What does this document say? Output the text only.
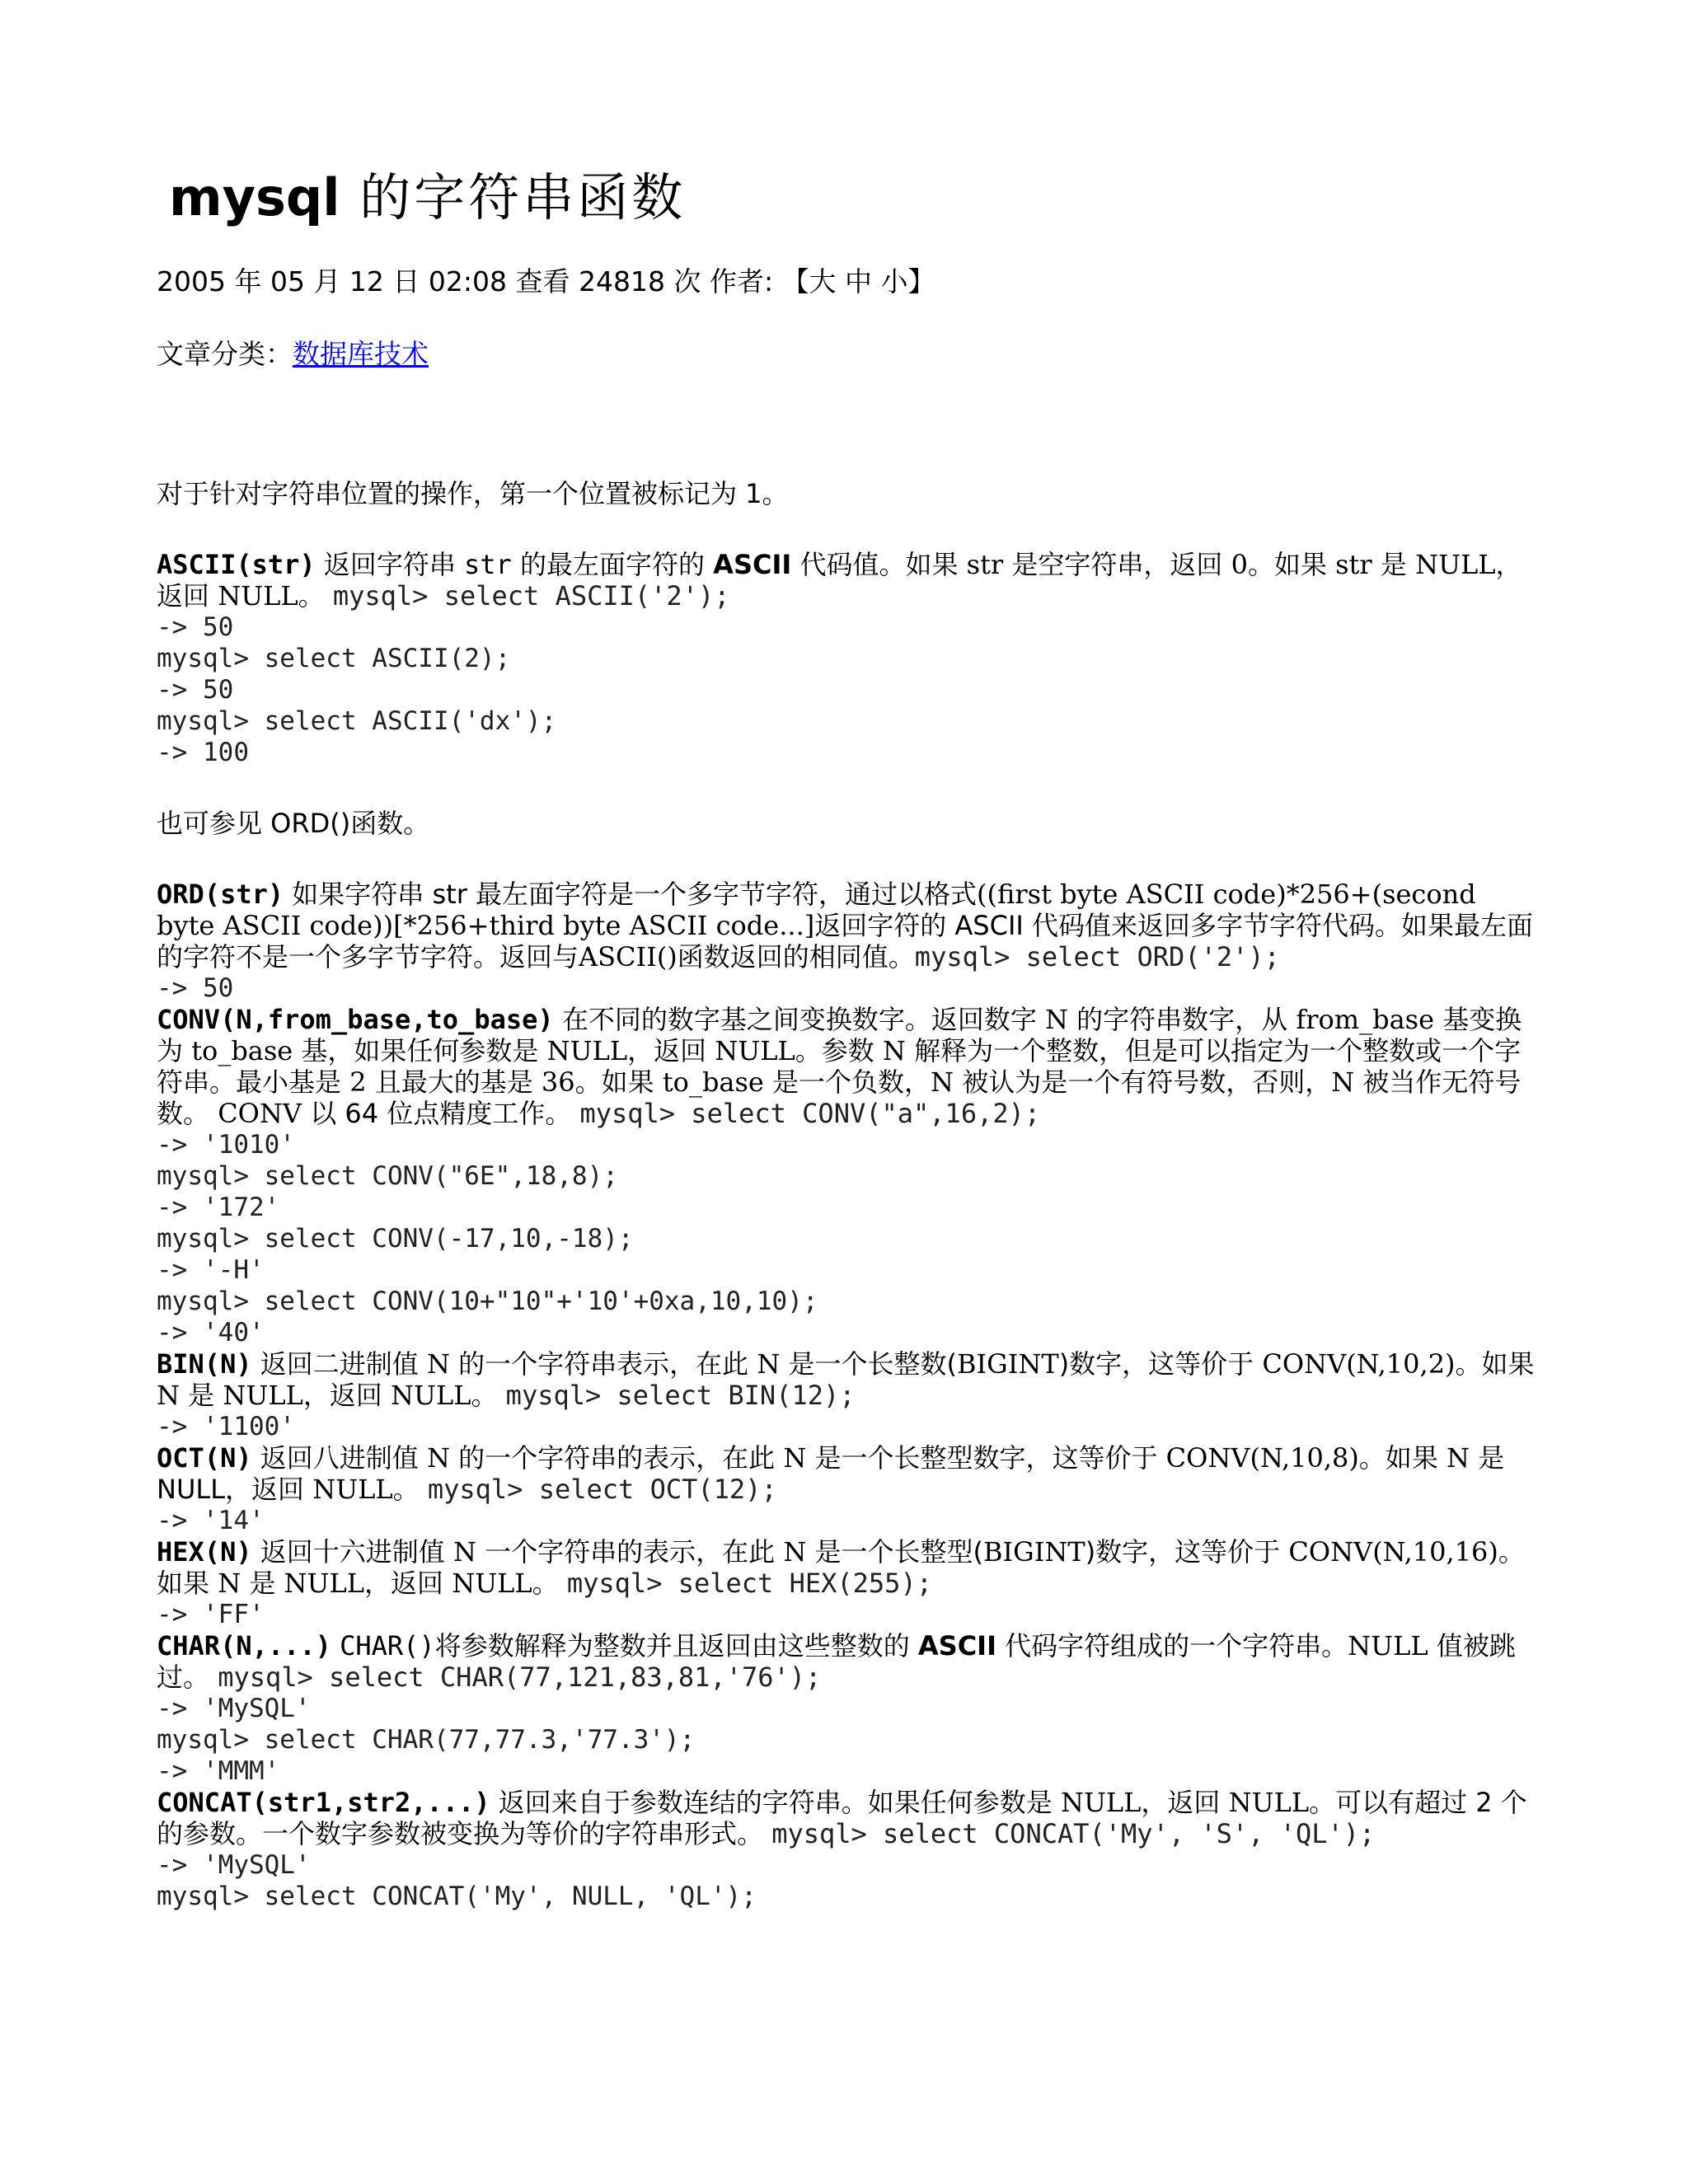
mysql 的字符串函数
2005 年 05 月 12 日 02:08 查看 24818 次 作者: 【大 中 小】
文章分类：数据库技术

对于针对字符串位置的操作，第一个位置被标记为 1。

ASCII(str) 返回字符串 str 的最左面字符的 ASCII 代码值。如果 str 是空字符串，返回 0。如果 str 是 NULL，返回 NULL。 mysql> select ASCII('2');

-> 50
mysql> select ASCII(2);
-> 50
mysql> select ASCII('dx');
-> 100

也可参见 ORD()函数。

ORD(str) 如果字符串 str 最左面字符是一个多字节字符，通过以格式((first byte ASCII code)*256+(second byte ASCII code))[*256+third byte ASCII code...]返回字符的 ASCII 代码值来返回多字节字符代码。如果最左面的字符不是一个多字节字符。返回与ASCII()函数返回的相同值。mysql> select ORD('2');

-> 50

CONV(N,from_base,to_base) 在不同的数字基之间变换数字。返回数字 N 的字符串数字，从 from_base 基变换为 to_base 基，如果任何参数是 NULL，返回 NULL。参数 N 解释为一个整数，但是可以指定为一个整数或一个字符串。最小基是 2 且最大的基是 36。如果 to_base 是一个负数，N 被认为是一个有符号数，否则，N 被当作无符号数。 CONV 以 64 位点精度工作。 mysql> select CONV("a",16,2);

-> '1010'
mysql> select CONV("6E",18,8);
-> '172'
mysql> select CONV(-17,10,-18);
-> '-H'
mysql> select CONV(10+"10"+'10'+0xa,10,10);
-> '40'

BIN(N) 返回二进制值 N 的一个字符串表示，在此 N 是一个长整数(BIGINT)数字，这等价于 CONV(N,10,2)。如果 N 是 NULL，返回 NULL。 mysql> select BIN(12);

-> '1100'

OCT(N) 返回八进制值 N 的一个字符串的表示，在此 N 是一个长整型数字，这等价于 CONV(N,10,8)。如果 N 是 NULL，返回 NULL。 mysql> select OCT(12);

-> '14'

HEX(N) 返回十六进制值 N 一个字符串的表示，在此 N 是一个长整型(BIGINT)数字，这等价于 CONV(N,10,16)。如果 N 是 NULL，返回 NULL。 mysql> select HEX(255);

-> 'FF'

CHAR(N,...) CHAR()将参数解释为整数并且返回由这些整数的 ASCII 代码字符组成的一个字符串。NULL 值被跳过。 mysql> select CHAR(77,121,83,81,'76');

-> 'MySQL'
mysql> select CHAR(77,77.3,'77.3');
-> 'MMM'

CONCAT(str1,str2,...) 返回来自于参数连结的字符串。如果任何参数是 NULL，返回 NULL。可以有超过 2 个的参数。一个数字参数被变换为等价的字符串形式。 mysql> select CONCAT('My', 'S', 'QL');

-> 'MySQL'
mysql> select CONCAT('My', NULL, 'QL');
